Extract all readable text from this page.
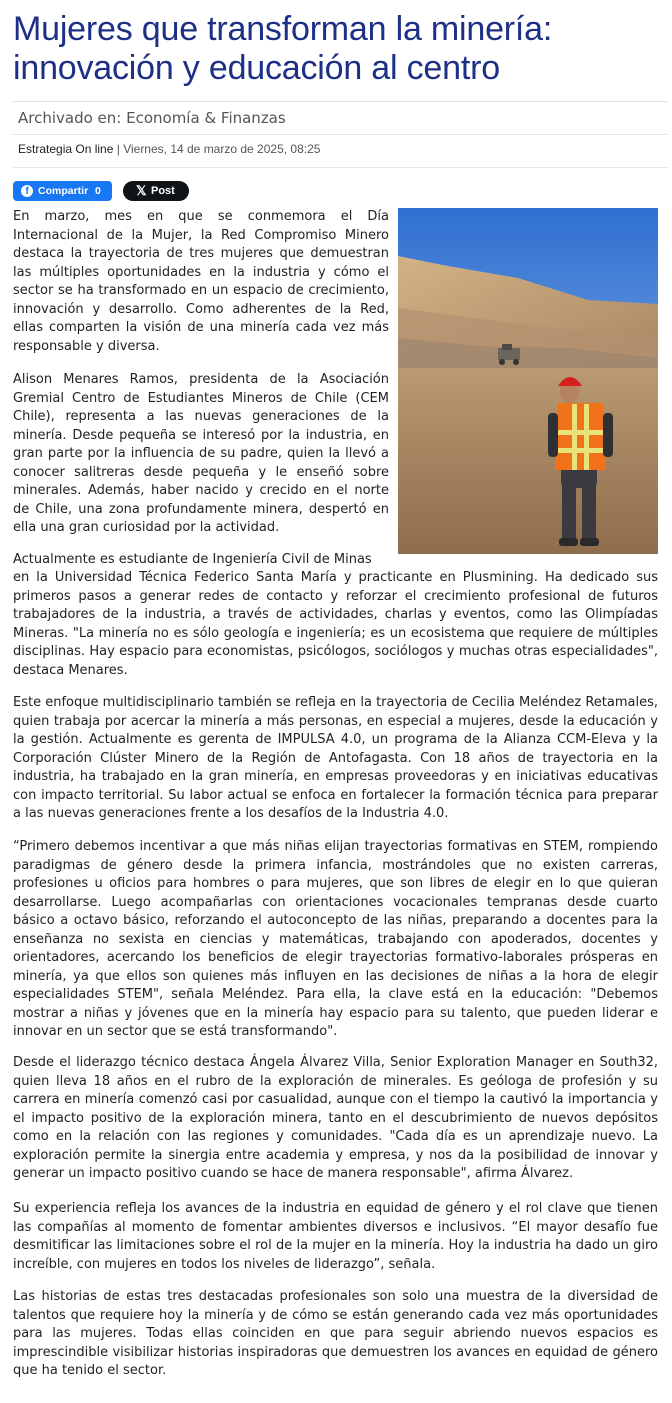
Mujeres que transforman la minería: innovación y educación al centro
Archivado en: Economía & Finanzas
Estrategia On line | Viernes, 14 de marzo de 2025, 08:25
f Compartir 0	𝕏 Post

En marzo, mes en que se conmemora el Día Internacional de la Mujer, la Red Compromiso Minero destaca la trayectoria de tres mujeres que demuestran las múltiples oportunidades en la industria y cómo el sector se ha transformado en un espacio de crecimiento, innovación y desarrollo. Como adherentes de la Red, ellas comparten la visión de una minería cada vez más responsable y diversa.

Alison Menares Ramos, presidenta de la Asociación Gremial Centro de Estudiantes Mineros de Chile (CEM Chile), representa a las nuevas generaciones de la minería. Desde pequeña se interesó por la industria, en gran parte por la influencia de su padre, quien la llevó a conocer salitreras desde pequeña y le enseñó sobre minerales. Además, haber nacido y crecido en el norte de Chile, una zona profundamente minera, despertó en ella una gran curiosidad por la actividad.

Actualmente es estudiante de Ingeniería Civil de Minas

en la Universidad Técnica Federico Santa María y practicante en Plusmining. Ha dedicado sus primeros pasos a generar redes de contacto y reforzar el crecimiento profesional de futuros trabajadores de la industria, a través de actividades, charlas y eventos, como las Olimpíadas Mineras. "La minería no es sólo geología e ingeniería; es un ecosistema que requiere de múltiples disciplinas. Hay espacio para economistas, psicólogos, sociólogos y muchas otras especialidades", destaca Menares.

Este enfoque multidisciplinario también se refleja en la trayectoria de Cecilia Meléndez Retamales, quien trabaja por acercar la minería a más personas, en especial a mujeres, desde la educación y la gestión. Actualmente es gerenta de IMPULSA 4.0, un programa de la Alianza CCM-Eleva y la Corporación Clúster Minero de la Región de Antofagasta. Con 18 años de trayectoria en la industria, ha trabajado en la gran minería, en empresas proveedoras y en iniciativas educativas con impacto territorial. Su labor actual se enfoca en fortalecer la formación técnica para preparar a las nuevas generaciones frente a los desafíos de la Industria 4.0.

“Primero debemos incentivar a que más niñas elijan trayectorias formativas en STEM, rompiendo paradigmas de género desde la primera infancia, mostrándoles que no existen carreras, profesiones u oficios para hombres o para mujeres, que son libres de elegir en lo que quieran desarrollarse. Luego acompañarlas con orientaciones vocacionales tempranas desde cuarto básico a octavo básico, reforzando el autoconcepto de las niñas, preparando a docentes para la enseñanza no sexista en ciencias y matemáticas, trabajando con apoderados, docentes y orientadores, acercando los beneficios de elegir trayectorias formativo-laborales prósperas en minería, ya que ellos son quienes más influyen en las decisiones de niñas a la hora de elegir especialidades STEM", señala Meléndez. Para ella, la clave está en la educación: "Debemos mostrar a niñas y jóvenes que en la minería hay espacio para su talento, que pueden liderar e innovar en un sector que se está transformando".

Desde el liderazgo técnico destaca Ángela Álvarez Villa, Senior Exploration Manager en South32, quien lleva 18 años en el rubro de la exploración de minerales. Es geóloga de profesión y su carrera en minería comenzó casi por casualidad, aunque con el tiempo la cautivó la importancia y el impacto positivo de la exploración minera, tanto en el descubrimiento de nuevos depósitos como en la relación con las regiones y comunidades. "Cada día es un aprendizaje nuevo. La exploración permite la sinergia entre academia y empresa, y nos da la posibilidad de innovar y generar un impacto positivo cuando se hace de manera responsable", afirma Álvarez.

Su experiencia refleja los avances de la industria en equidad de género y el rol clave que tienen las compañías al momento de fomentar ambientes diversos e inclusivos. “El mayor desafío fue desmitificar las limitaciones sobre el rol de la mujer en la minería. Hoy la industria ha dado un giro increíble, con mujeres en todos los niveles de liderazgo”, señala.

Las historias de estas tres destacadas profesionales son solo una muestra de la diversidad de talentos que requiere hoy la minería y de cómo se están generando cada vez más oportunidades para las mujeres. Todas ellas coinciden en que para seguir abriendo nuevos espacios es imprescindible visibilizar historias inspiradoras que demuestren los avances en equidad de género que ha tenido el sector.
